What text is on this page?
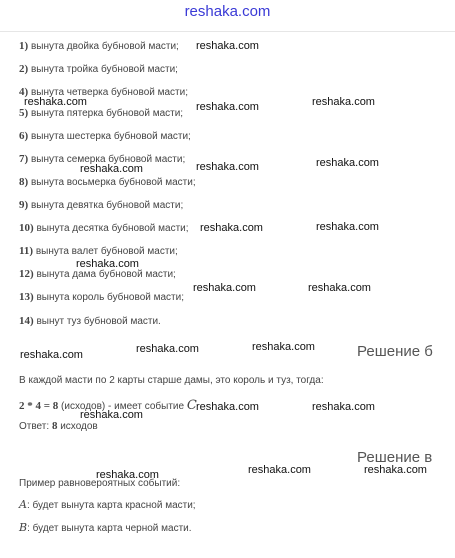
reshaka.com
1) вынута двойка бубновой масти;
2) вынута тройка бубновой масти;
4) вынута четверка бубновой масти;
5) вынута пятерка бубновой масти;
6) вынута шестерка бубновой масти;
7) вынута семерка бубновой масти;
8) вынута восьмерка бубновой масти;
9) вынута девятка бубновой масти;
10) вынута десятка бубновой масти;
11) вынута валет бубновой масти;
12) вынута дама бубновой масти;
13) вынута король бубновой масти;
14) вынут туз бубновой масти.
reshaka.com
reshaka.com	reshaka.com	reshaka.com
reshaka.com	reshaka.com	reshaka.com
reshaka.com	reshaka.com
reshaka.com
reshaka.com	reshaka.com
reshaka.com	reshaka.com	reshaka.com
reshaka.com
reshaka.com
reshaka.com
reshaka.com	reshaka.com	reshaka.com
Решение б
В каждой масти по 2 карты старше дамы, это король и туз, тогда:
2 * 4 = 8 (исходов) - имеет событие C
Ответ: 8 исходов
Решение в
Пример равновероятных событий:
A: будет вынута карта красной масти;
B: будет вынута карта черной масти.
